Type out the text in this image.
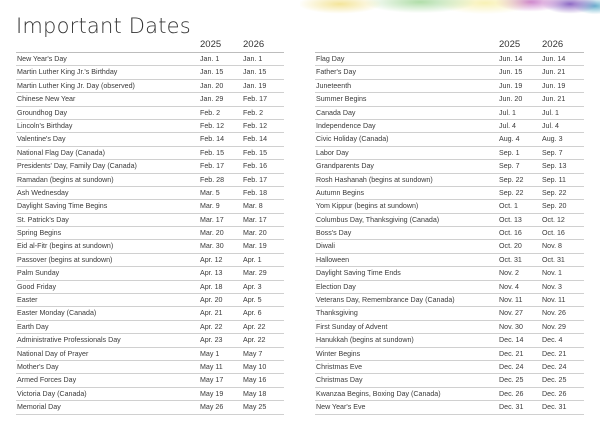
Important Dates
2025 2026
New Year's Day	Jan. 1	Jan. 1
Martin Luther King Jr.'s Birthday	Jan. 15	Jan. 15
Martin Luther King Jr. Day (observed)	Jan. 20	Jan. 19
Chinese New Year	Jan. 29	Feb. 17
Groundhog Day	Feb. 2	Feb. 2
Lincoln's Birthday	Feb. 12	Feb. 12
Valentine's Day	Feb. 14	Feb. 14
National Flag Day (Canada)	Feb. 15	Feb. 15
Presidents' Day, Family Day (Canada)	Feb. 17	Feb. 16
Ramadan (begins at sundown)	Feb. 28	Feb. 17
Ash Wednesday	Mar. 5	Feb. 18
Daylight Saving Time Begins	Mar. 9	Mar. 8
St. Patrick's Day	Mar. 17	Mar. 17
Spring Begins	Mar. 20	Mar. 20
Eid al-Fitr (begins at sundown)	Mar. 30	Mar. 19
Passover (begins at sundown)	Apr. 12	Apr. 1
Palm Sunday	Apr. 13	Mar. 29
Good Friday	Apr. 18	Apr. 3
Easter	Apr. 20	Apr. 5
Easter Monday (Canada)	Apr. 21	Apr. 6
Earth Day	Apr. 22	Apr. 22
Administrative Professionals Day	Apr. 23	Apr. 22
National Day of Prayer	May 1	May 7
Mother's Day	May 11	May 10
Armed Forces Day	May 17	May 16
Victoria Day (Canada)	May 19	May 18
Memorial Day	May 26	May 25
2025 2026
Flag Day	Jun. 14	Jun. 14
Father's Day	Jun. 15	Jun. 21
Juneteenth	Jun. 19	Jun. 19
Summer Begins	Jun. 20	Jun. 21
Canada Day	Jul. 1	Jul. 1
Independence Day	Jul. 4	Jul. 4
Civic Holiday (Canada)	Aug. 4	Aug. 3
Labor Day	Sep. 1	Sep. 7
Grandparents Day	Sep. 7	Sep. 13
Rosh Hashanah (begins at sundown)	Sep. 22	Sep. 11
Autumn Begins	Sep. 22	Sep. 22
Yom Kippur (begins at sundown)	Oct. 1	Sep. 20
Columbus Day, Thanksgiving (Canada)	Oct. 13	Oct. 12
Boss's Day	Oct. 16	Oct. 16
Diwali	Oct. 20	Nov. 8
Halloween	Oct. 31	Oct. 31
Daylight Saving Time Ends	Nov. 2	Nov. 1
Election Day	Nov. 4	Nov. 3
Veterans Day, Remembrance Day (Canada)	Nov. 11	Nov. 11
Thanksgiving	Nov. 27	Nov. 26
First Sunday of Advent	Nov. 30	Nov. 29
Hanukkah (begins at sundown)	Dec. 14	Dec. 4
Winter Begins	Dec. 21	Dec. 21
Christmas Eve	Dec. 24	Dec. 24
Christmas Day	Dec. 25	Dec. 25
Kwanzaa Begins, Boxing Day (Canada)	Dec. 26	Dec. 26
New Year's Eve	Dec. 31	Dec. 31
